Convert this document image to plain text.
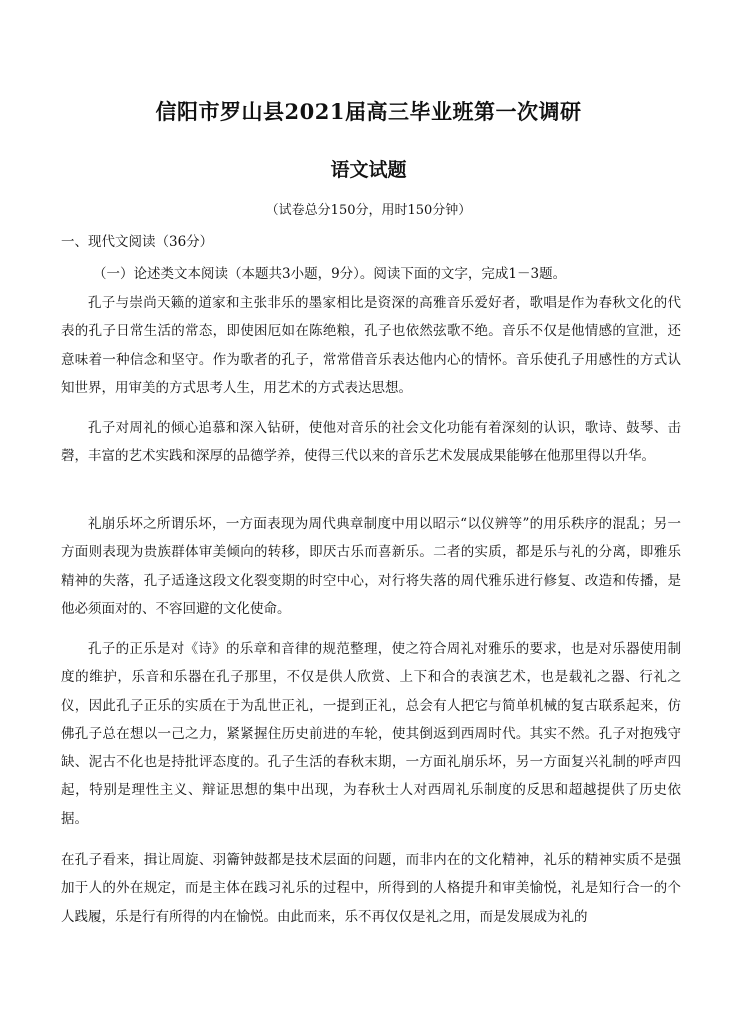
信阳市罗山县2021届高三毕业班第一次调研
语文试题
（试卷总分150分，用时150分钟）
一、现代文阅读（36分）
（一）论述类文本阅读（本题共3小题，9分）。阅读下面的文字，完成1－3题。

孔子与崇尚天籁的道家和主张非乐的墨家相比是资深的高雅音乐爱好者，歌唱是作为春秋文化的代表的孔子日常生活的常态，即使困厄如在陈绝粮，孔子也依然弦歌不绝。音乐不仅是他情感的宣泄，还意味着一种信念和坚守。作为歌者的孔子，常常借音乐表达他内心的情怀。音乐使孔子用感性的方式认知世界，用审美的方式思考人生，用艺术的方式表达思想。

孔子对周礼的倾心追慕和深入钻研，使他对音乐的社会文化功能有着深刻的认识，歌诗、鼓琴、击磬，丰富的艺术实践和深厚的品德学养，使得三代以来的音乐艺术发展成果能够在他那里得以升华。

礼崩乐坏之所谓乐坏，一方面表现为周代典章制度中用以昭示“以仪辨等”的用乐秩序的混乱；另一方面则表现为贵族群体审美倾向的转移，即厌古乐而喜新乐。二者的实质，都是乐与礼的分离，即雅乐精神的失落，孔子适逢这段文化裂变期的时空中心，对行将失落的周代雅乐进行修复、改造和传播，是他必须面对的、不容回避的文化使命。

孔子的正乐是对《诗》的乐章和音律的规范整理，使之符合周礼对雅乐的要求，也是对乐器使用制度的维护，乐音和乐器在孔子那里，不仅是供人欣赏、上下和合的表演艺术，也是载礼之器、行礼之仪，因此孔子正乐的实质在于为乱世正礼，一提到正礼，总会有人把它与简单机械的复古联系起来，仿佛孔子总在想以一己之力，紧紧握住历史前进的车轮，使其倒返到西周时代。其实不然。孔子对抱残守缺、泥古不化也是持批评态度的。孔子生活的春秋末期，一方面礼崩乐坏，另一方面复兴礼制的呼声四起，特别是理性主义、辩证思想的集中出现，为春秋士人对西周礼乐制度的反思和超越提供了历史依据。

在孔子看来，揖让周旋、羽籥钟鼓都是技术层面的问题，而非内在的文化精神，礼乐的精神实质不是强加于人的外在规定，而是主体在践习礼乐的过程中，所得到的人格提升和审美愉悦，礼是知行合一的个人践履，乐是行有所得的内在愉悦。由此而来，乐不再仅仅是礼之用，而是发展成为礼的
